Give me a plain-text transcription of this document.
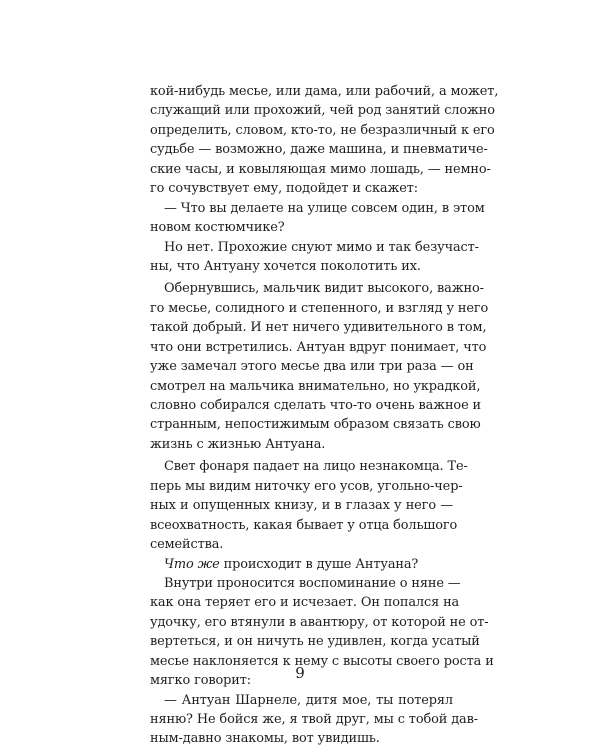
кой-нибудь месье, или дама, или рабочий, а может,
служащий или прохожий, чей род занятий сложно
определить, словом, кто-то, не безразличный к его
судьбе — возможно, даже машина, и пневматиче-
ские часы, и ковыляющая мимо лошадь, — немно-
го сочувствует ему, подойдет и скажет:
— Что вы делаете на улице совсем один, в этом
новом костюмчике?
Но нет. Прохожие снуют мимо и так безучаст-
ны, что Антуану хочется поколотить их.
Обернувшись, мальчик видит высокого, важно-
го месье, солидного и степенного, и взгляд у него
такой добрый. И нет ничего удивительного в том,
что они встретились. Антуан вдруг понимает, что
уже замечал этого месье два или три раза — он
смотрел на мальчика внимательно, но украдкой,
словно собирался сделать что-то очень важное и
странным, непостижимым образом связать свою
жизнь с жизнью Антуана.
Свет фонаря падает на лицо незнакомца. Те-
перь мы видим ниточку его усов, угольно-чер-
ных и опущенных книзу, и в глазах у него —
всеохватность, какая бывает у отца большого
семейства.
Что же происходит в душе Антуана?
Внутри проносится воспоминание о няне —
как она теряет его и исчезает. Он попался на
удочку, его втянули в авантюру, от которой не от-
вертеться, и он ничуть не удивлен, когда усатый
месье наклоняется к нему с высоты своего роста и
мягко говорит:
— Антуан Шарнеле, дитя мое, ты потерял
няню? Не бойся же, я твой друг, мы с тобой дав-
ным-давно знакомы, вот увидишь.
9
